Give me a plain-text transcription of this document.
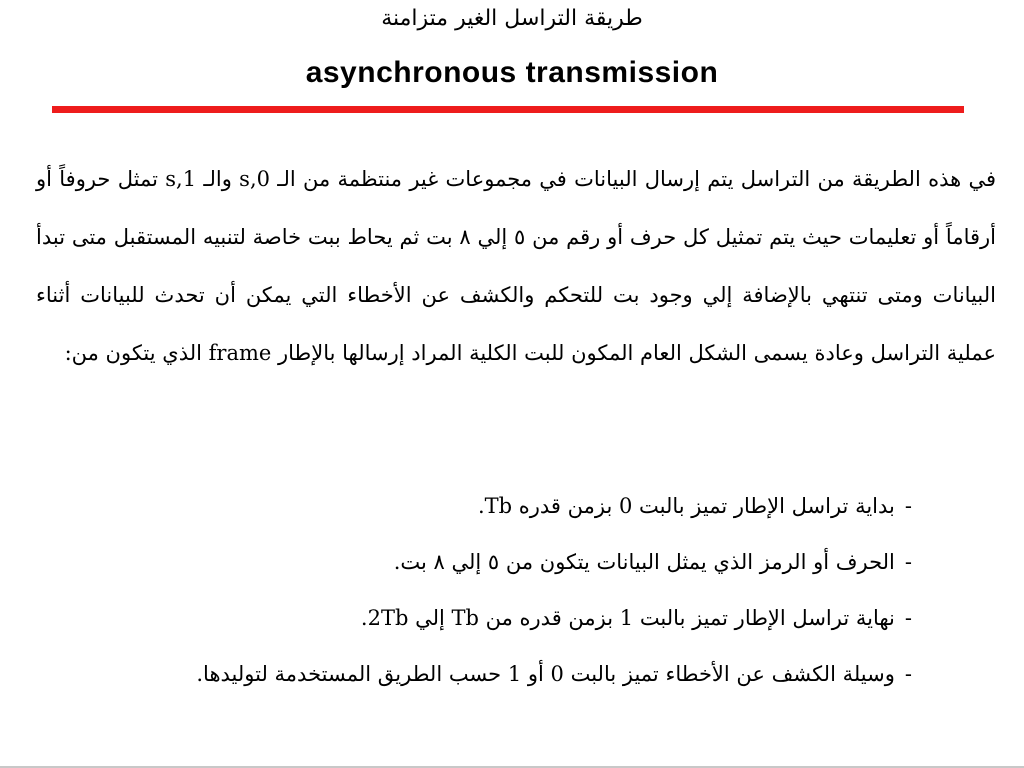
طريقة التراسل الغير متزامنة
asynchronous transmission
في هذه الطريقة من التراسل يتم إرسال البيانات في مجموعات غير منتظمة من الـ 0,s والـ 1,s تمثل حروفاً أو أرقاماً أو تعليمات حيث يتم تمثيل كل حرف أو رقم من ٥ إلي ٨ بت ثم يحاط ببت خاصة لتنبيه المستقبل متى تبدأ البيانات ومتى تنتهي بالإضافة إلي وجود بت للتحكم والكشف عن الأخطاء التي يمكن أن تحدث للبيانات أثناء عملية التراسل وعادة يسمى الشكل العام المكون للبت الكلية المراد إرسالها بالإطار frame الذي يتكون من:
-بداية تراسل الإطار تميز بالبت 0 بزمن قدره Tb.
-الحرف أو الرمز الذي يمثل البيانات يتكون من ٥ إلي ٨ بت.
-نهاية تراسل الإطار تميز بالبت 1 بزمن قدره من Tb إلي 2Tb.
-وسيلة الكشف عن الأخطاء تميز بالبت 0 أو 1 حسب الطريق المستخدمة لتوليدها.
